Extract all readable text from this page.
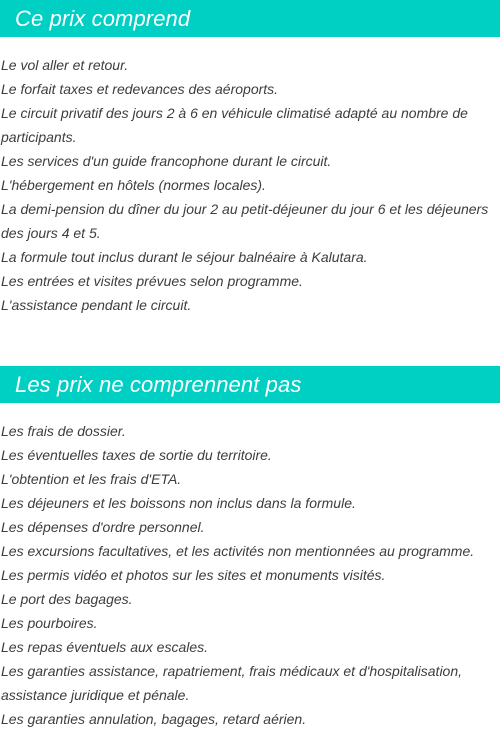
Ce prix comprend
Le vol aller et retour.
Le forfait taxes et redevances des aéroports.
Le circuit privatif des jours 2 à 6 en véhicule climatisé adapté au nombre de participants.
Les services d'un guide francophone durant le circuit.
L'hébergement en hôtels (normes locales).
La demi-pension du dîner du jour 2 au petit-déjeuner du jour 6 et les déjeuners des jours 4 et 5.
La formule tout inclus durant le séjour balnéaire à Kalutara.
Les entrées et visites prévues selon programme.
L'assistance pendant le circuit.
Les prix ne comprennent pas
Les frais de dossier.
Les éventuelles taxes de sortie du territoire.
L'obtention et les frais d'ETA.
Les déjeuners et les boissons non inclus dans la formule.
Les dépenses d'ordre personnel.
Les excursions facultatives, et les activités non mentionnées au programme.
Les permis vidéo et photos sur les sites et monuments visités.
Le port des bagages.
Les pourboires.
Les repas éventuels aux escales.
Les garanties assistance, rapatriement, frais médicaux et d'hospitalisation, assistance juridique et pénale.
Les garanties annulation, bagages, retard aérien.
